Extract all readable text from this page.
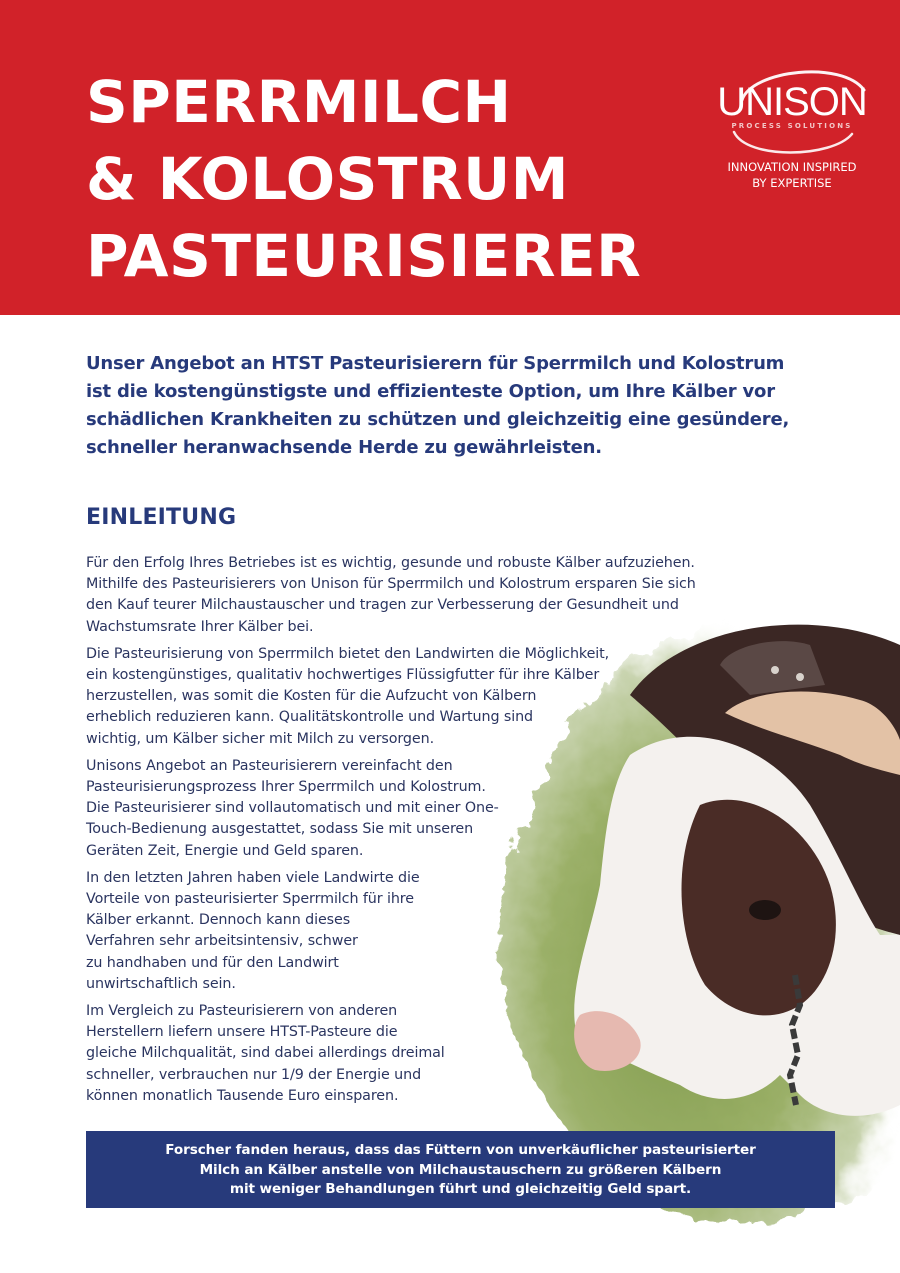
SPERRMILCH
& KOLOSTRUM
PASTEURISIERER
UNISON
PROCESS SOLUTIONS
INNOVATION INSPIRED
BY EXPERTISE
Unser Angebot an HTST Pasteurisierern für Sperrmilch und Kolostrum
ist die kostengünstigste und effizienteste Option, um Ihre Kälber vor
schädlichen Krankheiten zu schützen und gleichzeitig eine gesündere,
schneller heranwachsende Herde zu gewährleisten.
EINLEITUNG

Für den Erfolg Ihres Betriebes ist es wichtig, gesunde und robuste Kälber aufzuziehen.
Mithilfe des Pasteurisierers von Unison für Sperrmilch und Kolostrum ersparen Sie sich
den Kauf teurer Milchaustauscher und tragen zur Verbesserung der Gesundheit und
Wachstumsrate Ihrer Kälber bei.

Die Pasteurisierung von Sperrmilch bietet den Landwirten die Möglichkeit,
ein kostengünstiges, qualitativ hochwertiges Flüssigfutter für ihre Kälber
herzustellen, was somit die Kosten für die Aufzucht von Kälbern
erheblich reduzieren kann. Qualitätskontrolle und Wartung sind
wichtig, um Kälber sicher mit Milch zu versorgen.

Unisons Angebot an Pasteurisierern vereinfacht den
Pasteurisierungsprozess Ihrer Sperrmilch und Kolostrum.
Die Pasteurisierer sind vollautomatisch und mit einer One-
Touch-Bedienung ausgestattet, sodass Sie mit unseren
Geräten Zeit, Energie und Geld sparen.

In den letzten Jahren haben viele Landwirte die
Vorteile von pasteurisierter Sperrmilch für ihre
Kälber erkannt. Dennoch kann dieses
Verfahren sehr arbeitsintensiv, schwer
zu handhaben und für den Landwirt
unwirtschaftlich sein.

Im Vergleich zu Pasteurisierern von anderen
Herstellern liefern unsere HTST-Pasteure die
gleiche Milchqualität, sind dabei allerdings dreimal
schneller, verbrauchen nur 1/9 der Energie und
können monatlich Tausende Euro einsparen.

Forscher fanden heraus, dass das Füttern von unverkäuflicher pasteurisierter
Milch an Kälber anstelle von Milchaustauschern zu größeren Kälbern
mit weniger Behandlungen führt und gleichzeitig Geld spart.
